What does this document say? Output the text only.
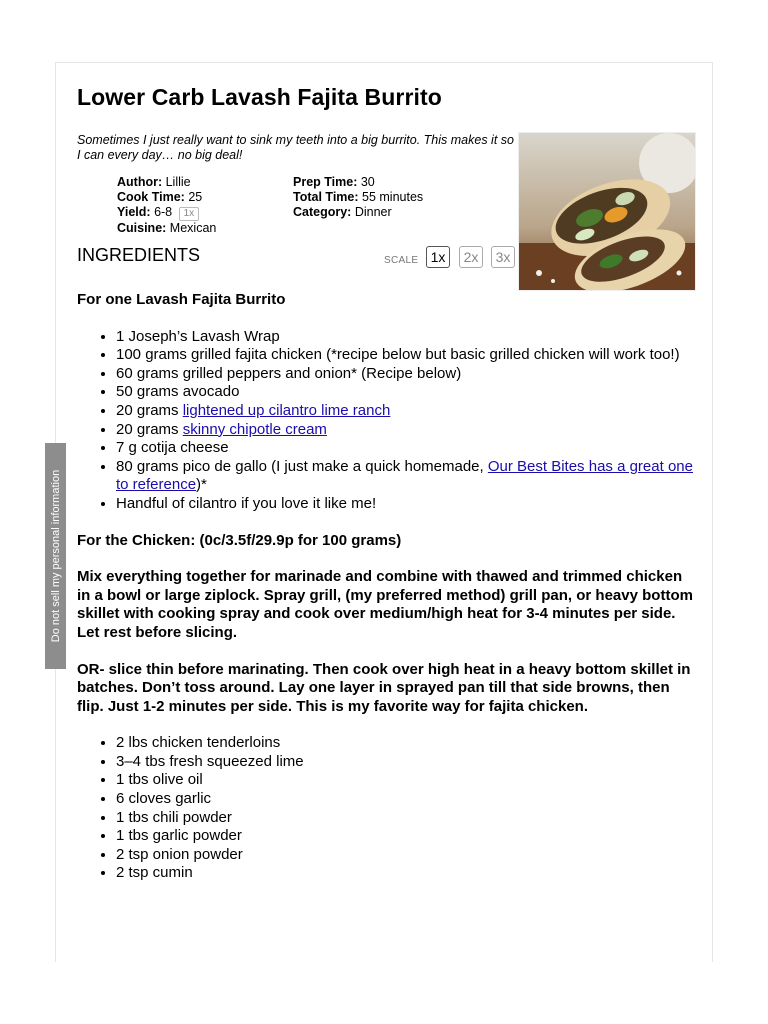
Lower Carb Lavash Fajita Burrito

Sometimes I just really want to sink my teeth into a big burrito. This makes it so I can every day… no big deal!

Author: Lillie
Cook Time: 25
Yield: 6-8 1x
Cuisine: Mexican
Prep Time: 30
Total Time: 55 minutes
Category: Dinner
INGREDIENTS	SCALE 1x	2x	3x
For one Lavash Fajita Burrito
• 1 Joseph’s Lavash Wrap
• 100 grams grilled fajita chicken (*recipe below but basic grilled chicken will work too!)
• 60 grams grilled peppers and onion* (Recipe below)
• 50 grams avocado
• 20 grams lightened up cilantro lime ranch
• 20 grams skinny chipotle cream
• 7 g cotija cheese
• 80 grams pico de gallo (I just make a quick homemade, Our Best Bites has a great one to reference)*
• Handful of cilantro if you love it like me!

For the Chicken: (0c/3.5f/29.9p for 100 grams)

Mix everything together for marinade and combine with thawed and trimmed chicken in a bowl or large ziplock. Spray grill, (my preferred method) grill pan, or heavy bottom skillet with cooking spray and cook over medium/high heat for 3-4 minutes per side. Let rest before slicing.

OR- slice thin before marinating. Then cook over high heat in a heavy bottom skillet in batches. Don’t toss around. Lay one layer in sprayed pan till that side browns, then flip. Just 1-2 minutes per side. This is my favorite way for fajita chicken.

• 2 lbs chicken tenderloins
• 3–4 tbs fresh squeezed lime
• 1 tbs olive oil
• 6 cloves garlic
• 1 tbs chili powder
• 1 tbs garlic powder
• 2 tsp onion powder
• 2 tsp cumin
Do not sell my personal information
